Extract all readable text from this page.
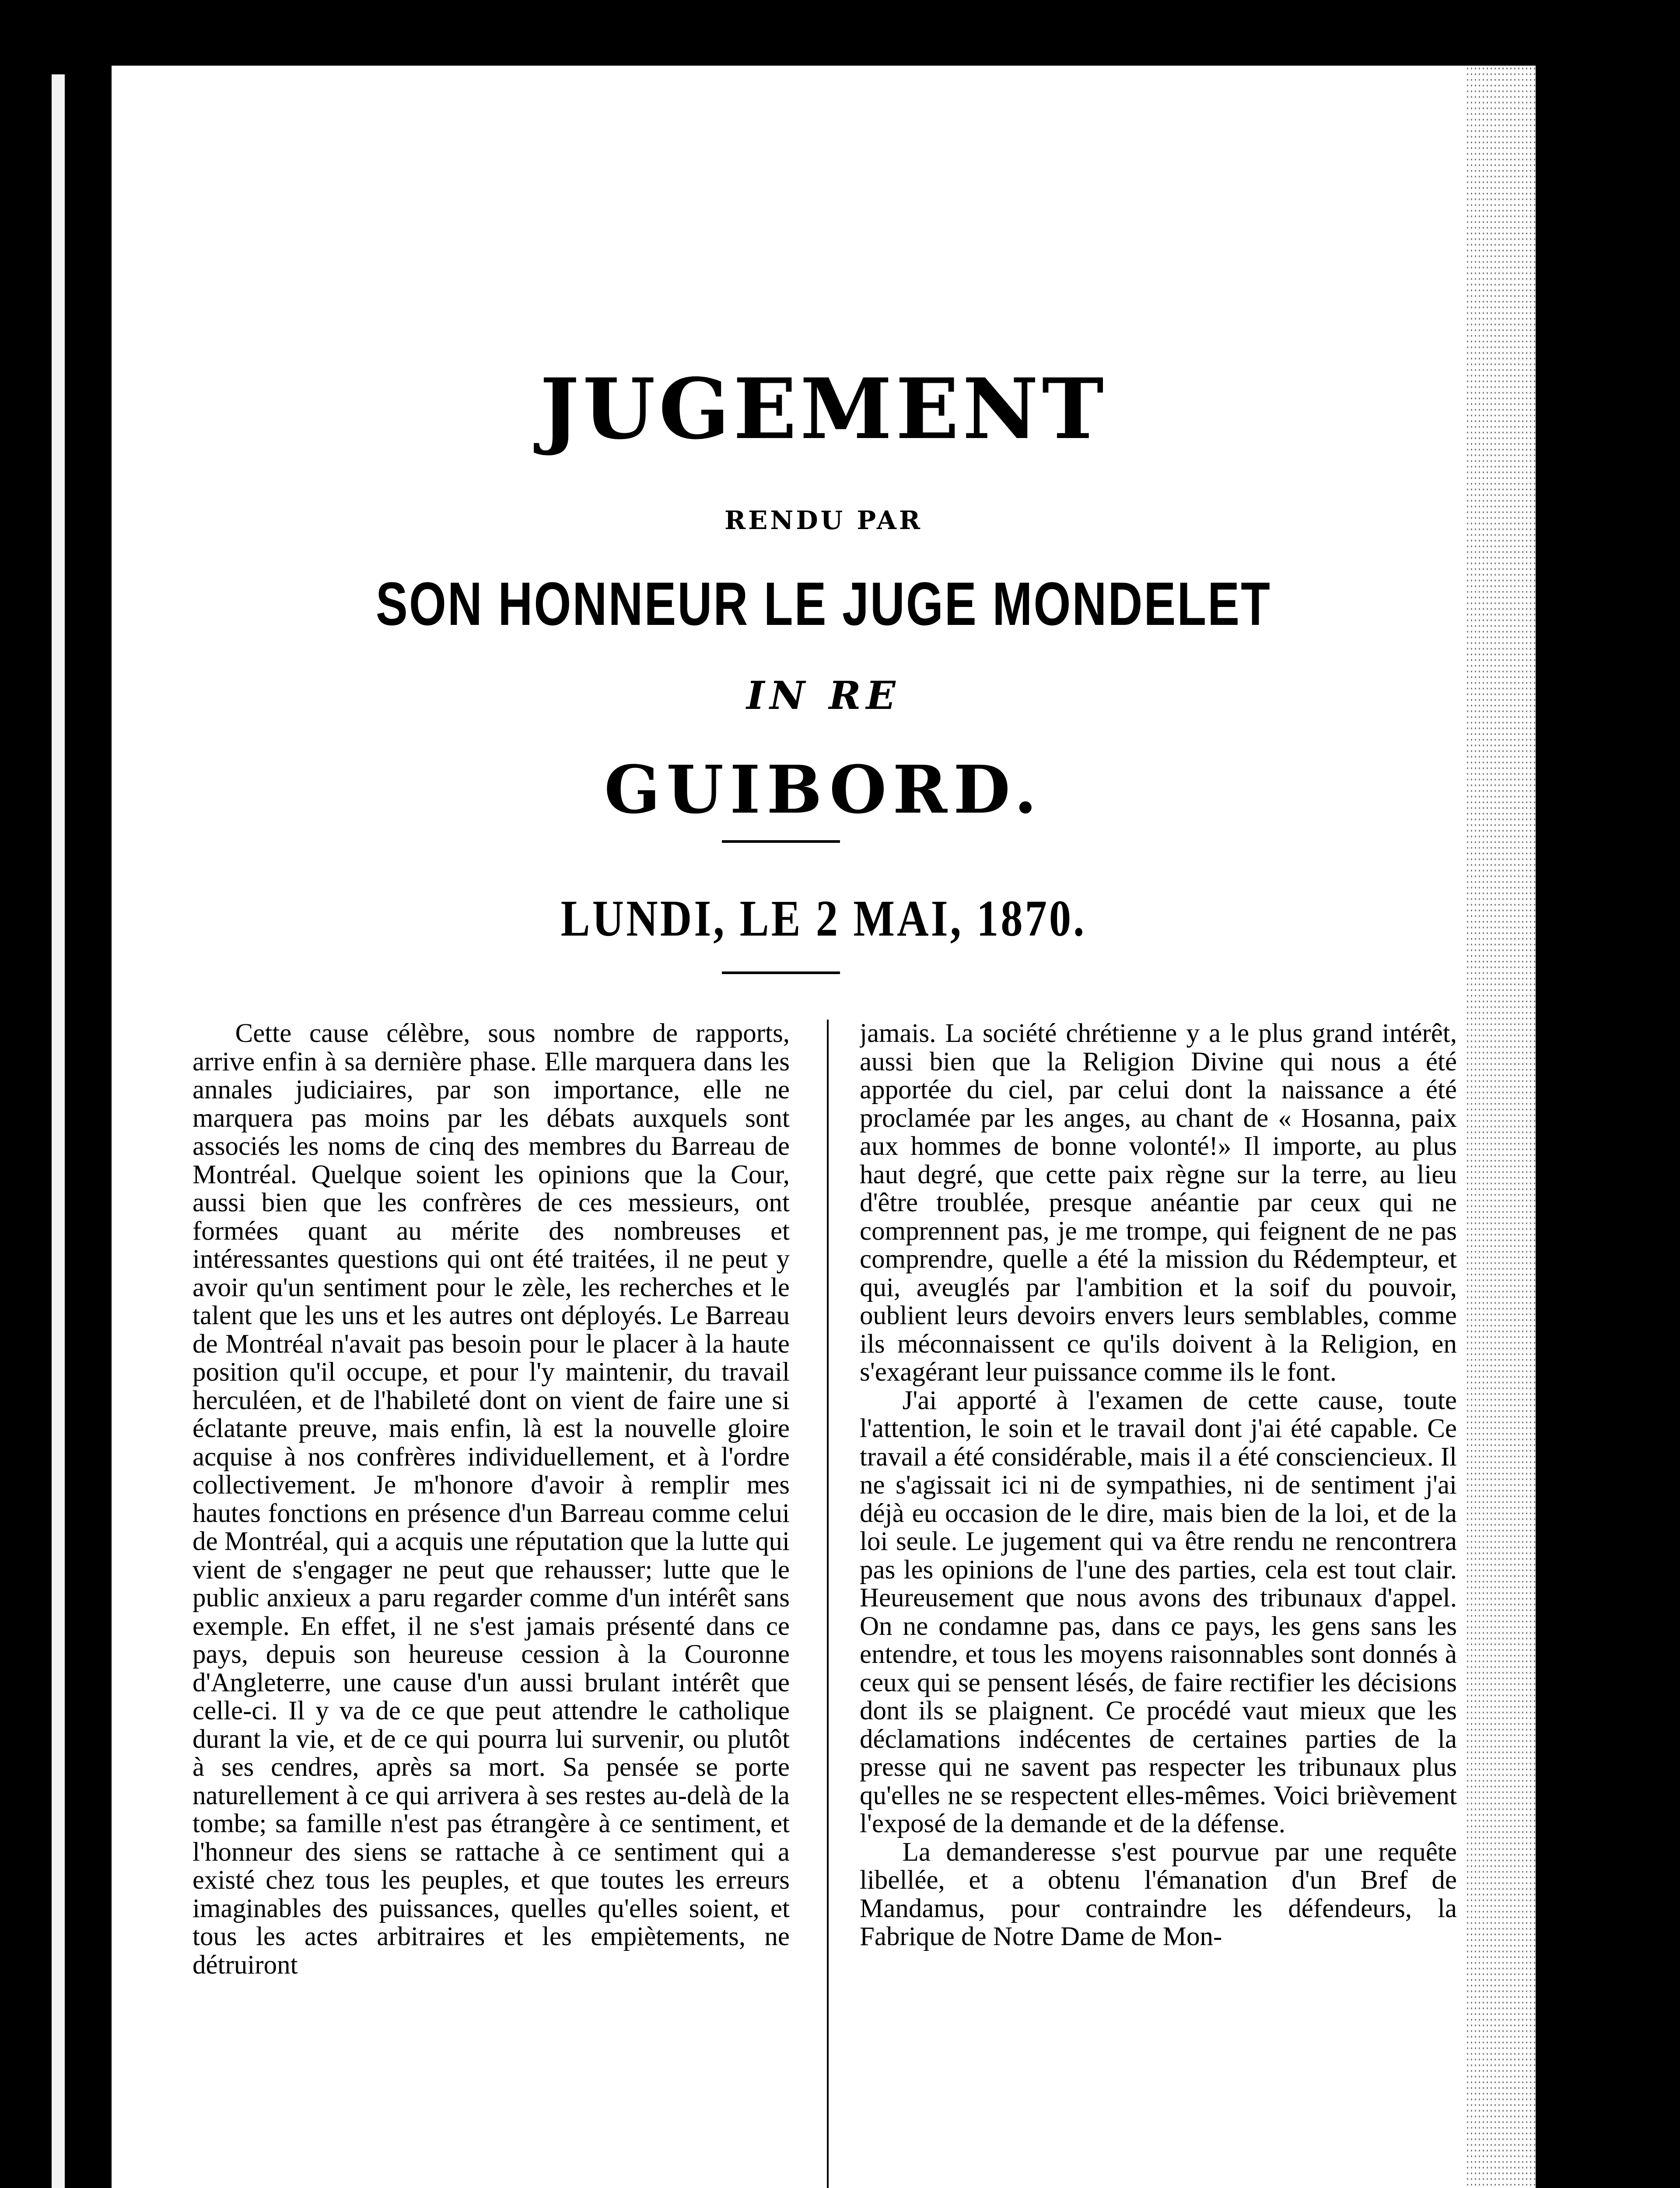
JUGEMENT
RENDU PAR
SON HONNEUR LE JUGE MONDELET
IN RE
GUIBORD.
LUNDI, LE 2 MAI, 1870.

Cette cause célèbre, sous nombre de rapports, arrive enfin à sa dernière phase. Elle marquera dans les annales judiciaires, par son importance, elle ne marquera pas moins par les débats auxquels sont associés les noms de cinq des membres du Barreau de Montréal. Quelque soient les opinions que la Cour, aussi bien que les confrères de ces messieurs, ont formées quant au mérite des nombreuses et intéressantes questions qui ont été traitées, il ne peut y avoir qu'un sentiment pour le zèle, les recherches et le talent que les uns et les autres ont déployés. Le Barreau de Montréal n'avait pas besoin pour le placer à la haute position qu'il occupe, et pour l'y maintenir, du travail herculéen, et de l'habileté dont on vient de faire une si éclatante preuve, mais enfin, là est la nouvelle gloire acquise à nos confrères individuellement, et à l'ordre collectivement. Je m'honore d'avoir à remplir mes hautes fonctions en présence d'un Barreau comme celui de Montréal, qui a acquis une réputation que la lutte qui vient de s'engager ne peut que rehausser; lutte que le public anxieux a paru regarder comme d'un intérêt sans exemple. En effet, il ne s'est jamais présenté dans ce pays, depuis son heureuse cession à la Couronne d'Angleterre, une cause d'un aussi brulant intérêt que celle-ci. Il y va de ce que peut attendre le catholique durant la vie, et de ce qui pourra lui survenir, ou plutôt à ses cendres, après sa mort. Sa pensée se porte naturellement à ce qui arrivera à ses restes au-delà de la tombe; sa famille n'est pas étrangère à ce sentiment, et l'honneur des siens se rattache à ce sentiment qui a existé chez tous les peuples, et que toutes les erreurs imaginables des puissances, quelles qu'elles soient, et tous les actes arbitraires et les empiètements, ne détruiront

jamais. La société chrétienne y a le plus grand intérêt, aussi bien que la Religion Divine qui nous a été apportée du ciel, par celui dont la naissance a été proclamée par les anges, au chant de « Hosanna, paix aux hommes de bonne volonté!» Il importe, au plus haut degré, que cette paix règne sur la terre, au lieu d'être troublée, presque anéantie par ceux qui ne comprennent pas, je me trompe, qui feignent de ne pas comprendre, quelle a été la mission du Rédempteur, et qui, aveuglés par l'ambition et la soif du pouvoir, oublient leurs devoirs envers leurs semblables, comme ils méconnaissent ce qu'ils doivent à la Religion, en s'exagérant leur puissance comme ils le font.

J'ai apporté à l'examen de cette cause, toute l'attention, le soin et le travail dont j'ai été capable. Ce travail a été considérable, mais il a été consciencieux. Il ne s'agissait ici ni de sympathies, ni de sentiment j'ai déjà eu occasion de le dire, mais bien de la loi, et de la loi seule. Le jugement qui va être rendu ne rencontrera pas les opinions de l'une des parties, cela est tout clair. Heureusement que nous avons des tribunaux d'appel. On ne condamne pas, dans ce pays, les gens sans les entendre, et tous les moyens raisonnables sont donnés à ceux qui se pensent lésés, de faire rectifier les décisions dont ils se plaignent. Ce procédé vaut mieux que les déclamations indécentes de certaines parties de la presse qui ne savent pas respecter les tribunaux plus qu'elles ne se respectent elles-mêmes. Voici brièvement l'exposé de la demande et de la défense.

La demanderesse s'est pourvue par une requête libellée, et a obtenu l'émanation d'un Bref de Mandamus, pour contraindre les défendeurs, la Fabrique de Notre Dame de Mon-
